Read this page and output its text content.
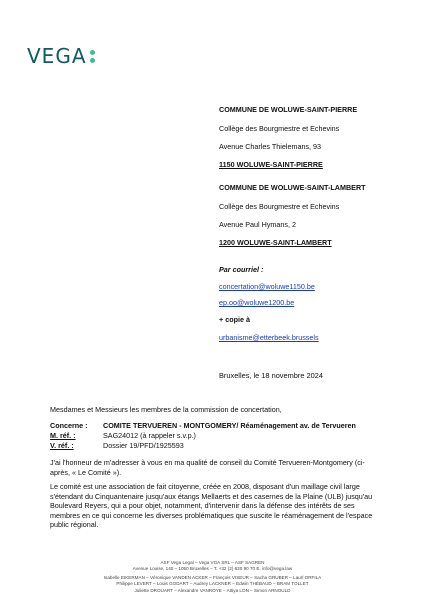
VEGA
COMMUNE DE WOLUWE-SAINT-PIERRE
Collège des Bourgmestre et Echevins
Avenue Charles Thielemans, 93
1150 WOLUWE-SAINT-PIERRE
COMMUNE DE WOLUWE-SAINT-LAMBERT
Collège des Bourgmestre et Echevins
Avenue Paul Hymans, 2
1200 WOLUWE-SAINT-LAMBERT
Par courriel :
concertation@woluwe1150.be
ep.oo@woluwe1200.be
+ copie à
urbanisme@etterbeek.brussels
Bruxelles, le 18 novembre 2024
Mesdames et Messieurs les membres de la commission de concertation,
Concerne :	COMITE TERVUEREN - MONTGOMERY/ Réaménagement av. de Tervueren
M. réf. :	SAG24012 (à rappeler s.v.p.)
V. réf. :	Dossier 19/PFD/1925593
J'ai l'honneur de m'adresser à vous en ma qualité de conseil du Comité Tervueren-Montgomery (ci-après, « Le Comité »).
Le comité est une association de fait citoyenne, créée en 2008, disposant d'un maillage civil large s'étendant du Cinquantenaire jusqu'aux étangs Mellaerts et des casernes de la Plaine (ULB) jusqu'au Boulevard Reyers, qui a pour objet, notamment, d'intervenir dans la défense des intérêts de ses membres en ce qui concerne les diverses problématiques que suscite le réaménagement de l'espace public régional.
ASF Vega Legal – Vega VGA SRL – ASF SAGREN
Avenue Louise, 140 – 1050 Bruxelles – T. +32 (2) 620 90 70 E. info@vega.law
Isabelle EIKERMAN – Véronique VANDEN ACKER – François VISEUR – Sacha GRUBER – Laurl ORFILA
Philippe LEVERT – Louis GODART – Audrey LACKNER – Edwin THÉBAUD – BRAM TOLLET
Juliette DROUART – Alexandre VANROYE – Attiya LON – Simon ARNOULD
